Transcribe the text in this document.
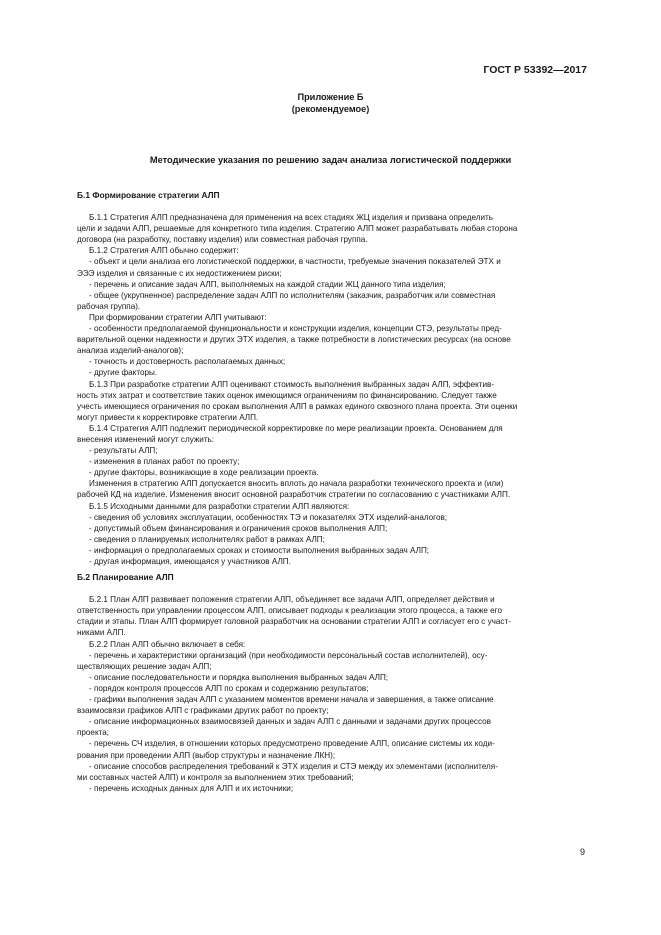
ГОСТ Р 53392—2017
Приложение Б
(рекомендуемое)
Методические указания по решению задач анализа логистической поддержки

Б.1 Формирование стратегии АЛП

Б.1.1 Стратегия АЛП предназначена для применения на всех стадиях ЖЦ изделия и призвана определить

цели и задачи АЛП, решаемые для конкретного типа изделия. Стратегию АЛП может разрабатывать любая сторона

договора (на разработку, поставку изделия) или совместная рабочая группа.

Б.1.2 Стратегия АЛП обычно содержит:

- объект и цели анализа его логистической поддержки, в частности, требуемые значения показателей ЭТХ и

ЭЭЭ изделия и связанные с их недостижением риски;

- перечень и описание задач АЛП, выполняемых на каждой стадии ЖЦ данного типа изделия;

- общее (укрупненное) распределение задач АЛП по исполнителям (заказчик, разработчик или совместная

рабочая группа).

При формировании стратегии АЛП учитывают:

- особенности предполагаемой функциональности и конструкции изделия, концепции СТЭ, результаты пред-

варительной оценки надежности и других ЭТХ изделия, а также потребности в логистических ресурсах (на основе

анализа изделий-аналогов);

- точность и достоверность располагаемых данных;

- другие факторы.

Б.1.3 При разработке стратегии АЛП оценивают стоимость выполнения выбранных задач АЛП, эффектив-

ность этих затрат и соответствие таких оценок имеющимся ограничениям по финансированию. Следует также

учесть имеющиеся ограничения по срокам выполнения АЛП в рамках единого сквозного плана проекта. Эти оценки

могут привести к корректировке стратегии АЛП.

Б.1.4 Стратегия АЛП подлежит периодической корректировке по мере реализации проекта. Основанием для

внесения изменений могут служить:

- результаты АЛП;

- изменения в планах работ по проекту;

- другие факторы, возникающие в ходе реализации проекта.

Изменения в стратегию АЛП допускается вносить вплоть до начала разработки технического проекта и (или)

рабочей КД на изделие. Изменения вносит основной разработчик стратегии по согласованию с участниками АЛП.

Б.1.5 Исходными данными для разработки стратегии АЛП являются:

- сведения об условиях эксплуатации, особенностях ТЭ и показателях ЭТХ изделий-аналогов;

- допустимый объем финансирования и ограничения сроков выполнения АЛП;

- сведения о планируемых исполнителях работ в рамках АЛП;

- информация о предполагаемых сроках и стоимости выполнения выбранных задач АЛП;

- другая информация, имеющаяся у участников АЛП.

Б.2 Планирование АЛП

Б.2.1 План АЛП развивает положения стратегии АЛП, объединяет все задачи АЛП, определяет действия и

ответственность при управлении процессом АЛП, описывает подходы к реализации этого процесса, а также его

стадии и этапы. План АЛП формирует головной разработчик на основании стратегии АЛП и согласует его с участ-

никами АЛП.

Б.2.2 План АЛП обычно включает в себя:

- перечень и характеристики организаций (при необходимости персональный состав исполнителей), осу-

ществляющих решение задач АЛП;

- описание последовательности и порядка выполнения выбранных задач АЛП;

- порядок контроля процессов АЛП по срокам и содержанию результатов;

- графики выполнения задач АЛП с указанием моментов времени начала и завершения, а также описание

взаимосвязи графиков АЛП с графиками других работ по проекту;

- описание информационных взаимосвязей данных и задач АЛП с данными и задачами других процессов

проекта;

- перечень СЧ изделия, в отношении которых предусмотрено проведение АЛП, описание системы их коди-

рования при проведении АЛП (выбор структуры и назначение ЛКН);

- описание способов распределения требований к ЭТХ изделия и СТЭ между их элементами (исполнителя-

ми составных частей АЛП) и контроля за выполнением этих требований;

- перечень исходных данных для АЛП и их источники;

9
